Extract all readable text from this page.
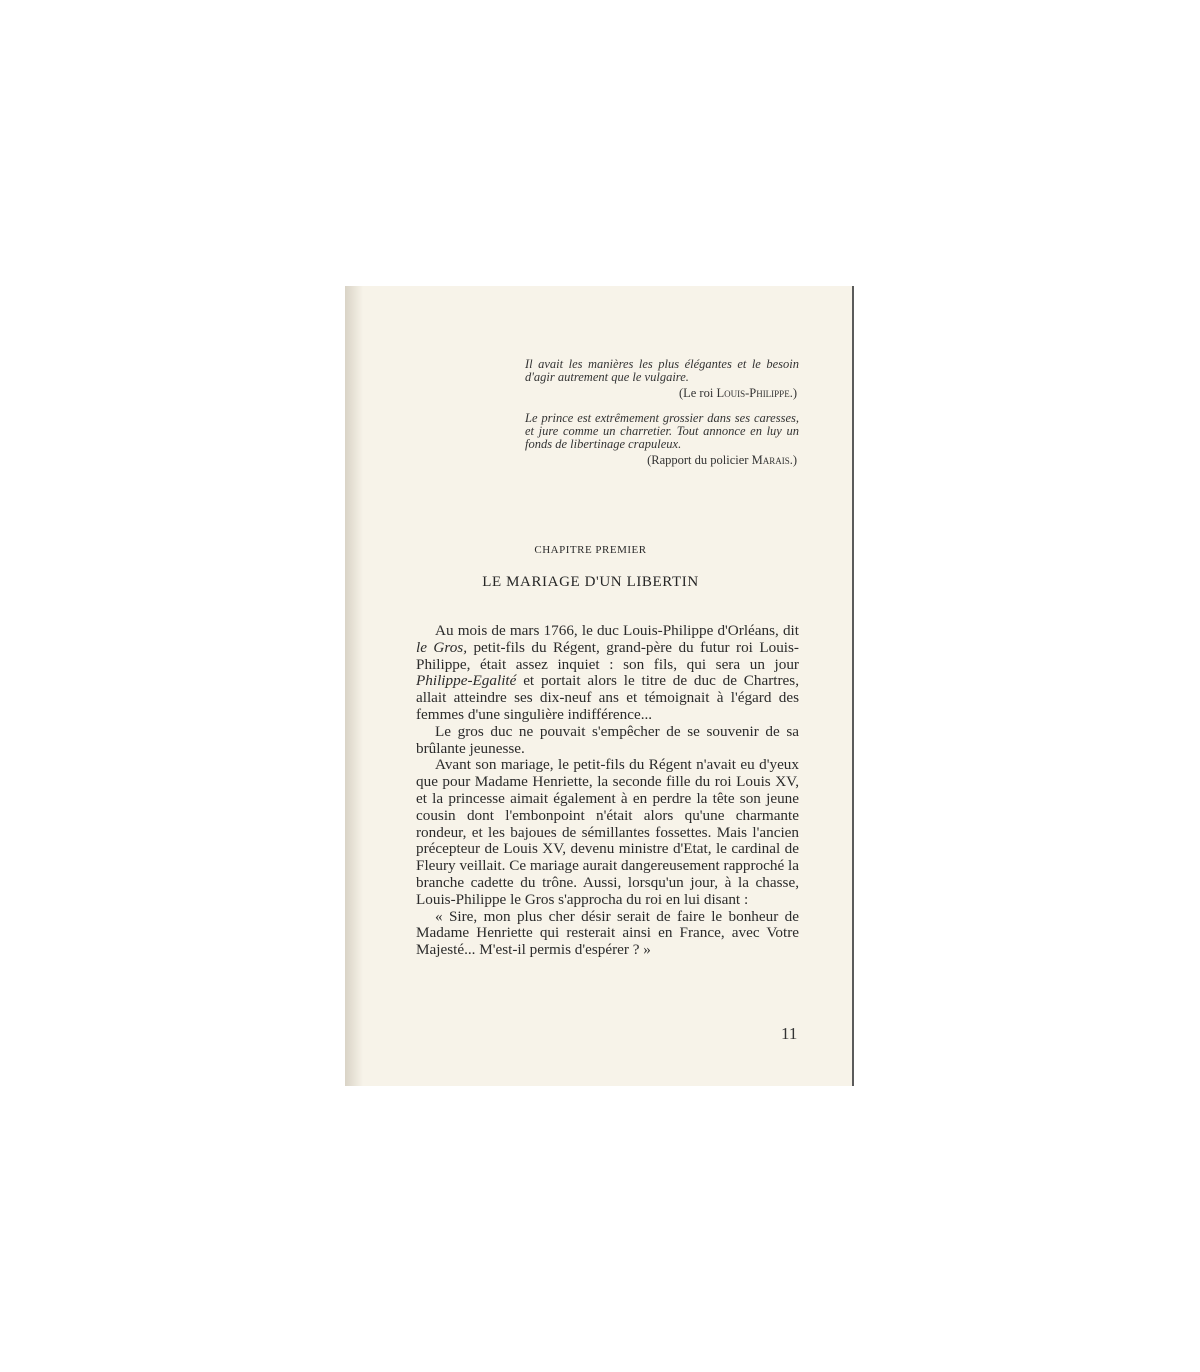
Il avait les manières les plus élégantes et le besoin d'agir autrement que le vulgaire.

(Le roi Louis-Philippe.)

Le prince est extrêmement grossier dans ses caresses, et jure comme un charretier. Tout annonce en luy un fonds de libertinage crapuleux.

(Rapport du policier Marais.)
CHAPITRE PREMIER
LE MARIAGE D'UN LIBERTIN

Au mois de mars 1766, le duc Louis-Philippe d'Orléans, dit le Gros, petit-fils du Régent, grand-père du futur roi Louis-Philippe, était assez inquiet : son fils, qui sera un jour Philippe-Egalité et portait alors le titre de duc de Chartres, allait atteindre ses dix-neuf ans et témoignait à l'égard des femmes d'une singulière indifférence...

Le gros duc ne pouvait s'empêcher de se souvenir de sa brûlante jeunesse.

Avant son mariage, le petit-fils du Régent n'avait eu d'yeux que pour Madame Henriette, la seconde fille du roi Louis XV, et la princesse aimait également à en perdre la tête son jeune cousin dont l'embonpoint n'était alors qu'une charmante rondeur, et les bajoues de sémillantes fossettes. Mais l'ancien précepteur de Louis XV, devenu ministre d'Etat, le cardinal de Fleury veillait. Ce mariage aurait dangereusement rapproché la branche cadette du trône. Aussi, lorsqu'un jour, à la chasse, Louis-Philippe le Gros s'approcha du roi en lui disant :

« Sire, mon plus cher désir serait de faire le bonheur de Madame Henriette qui resterait ainsi en France, avec Votre Majesté... M'est-il permis d'espérer ? »

11
